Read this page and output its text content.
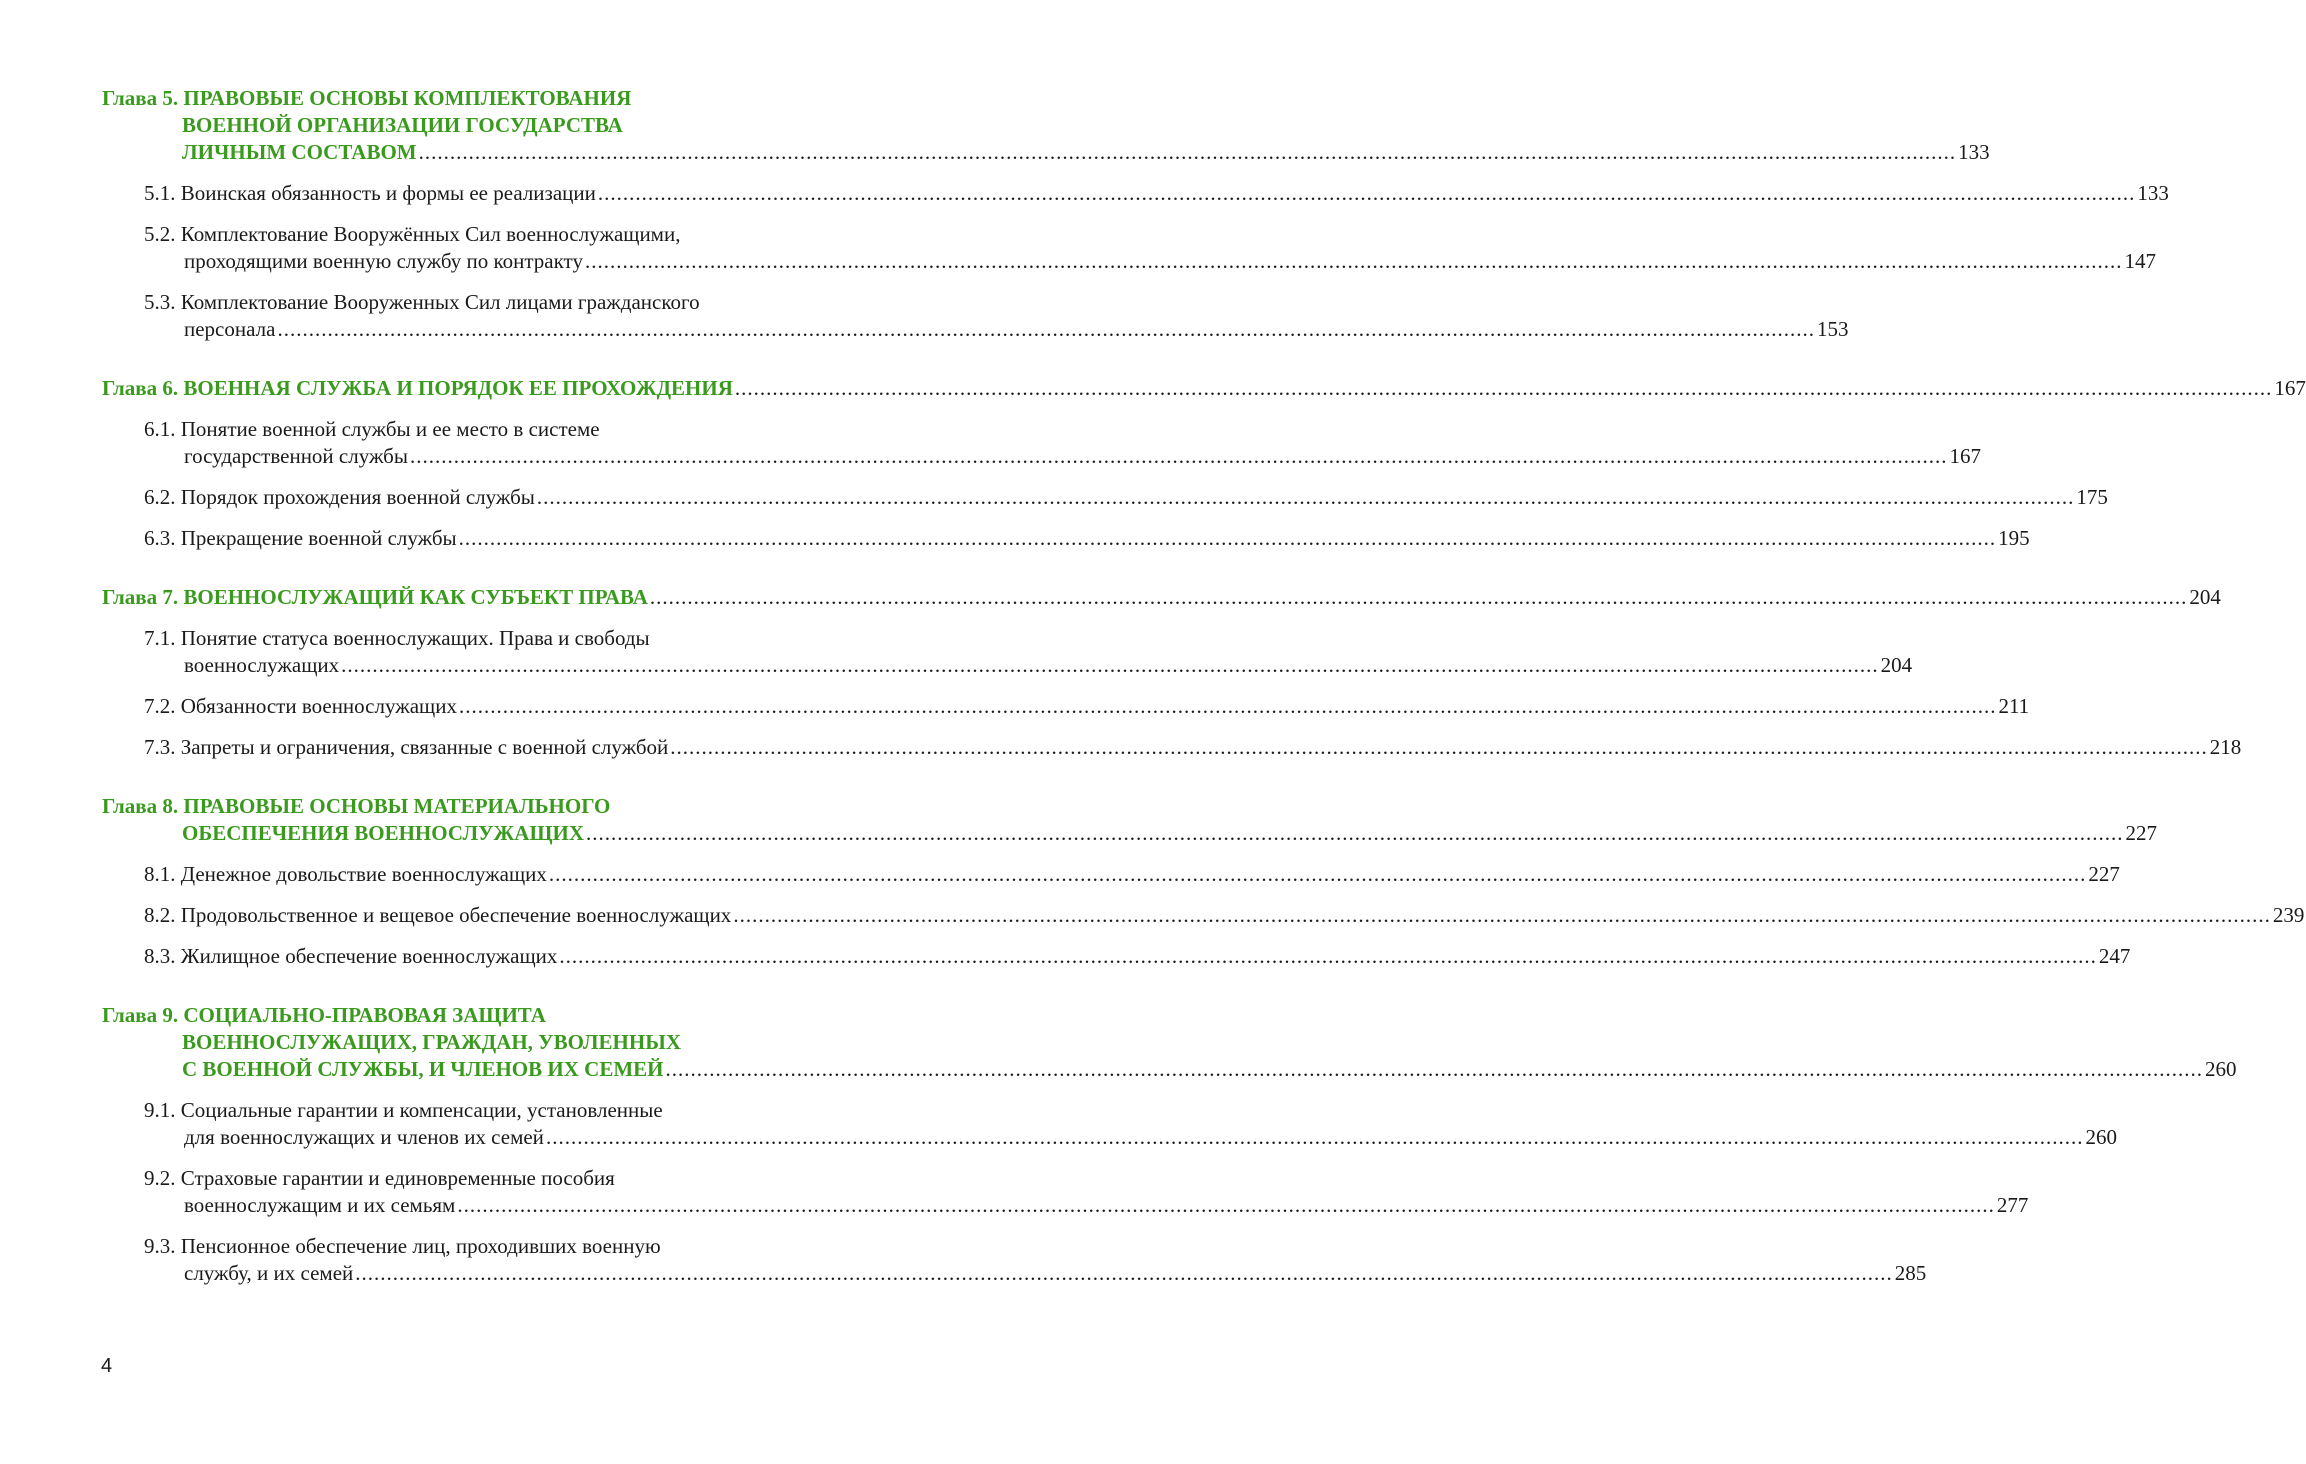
Глава 5. ПРАВОВЫЕ ОСНОВЫ КОМПЛЕКТОВАНИЯ
ВОЕННОЙ ОРГАНИЗАЦИИ ГОСУДАРСТВА
ЛИЧНЫМ СОСТАВОМ .....	133
5.1. Воинская обязанность и формы ее реализации .....	133
5.2. Комплектование Вооружённых Сил военнослужащими,
проходящими военную службу по контракту .....	147
5.3. Комплектование Вооруженных Сил лицами гражданского
персонала .....	153
Глава 6. ВОЕННАЯ СЛУЖБА И ПОРЯДОК ЕЕ ПРОХОЖДЕНИЯ .....	167
6.1. Понятие военной службы и ее место в системе
государственной службы .....	167
6.2. Порядок прохождения военной службы .....	175
6.3. Прекращение военной службы .....	195
Глава 7. ВОЕННОСЛУЖАЩИЙ КАК СУБЪЕКТ ПРАВА .....	204
7.1. Понятие статуса военнослужащих. Права и свободы
военнослужащих .....	204
7.2. Обязанности военнослужащих .....	211
7.3. Запреты и ограничения, связанные с военной службой .....	218
Глава 8. ПРАВОВЫЕ ОСНОВЫ МАТЕРИАЛЬНОГО
ОБЕСПЕЧЕНИЯ ВОЕННОСЛУЖАЩИХ .....	227
8.1. Денежное довольствие военнослужащих .....	227
8.2. Продовольственное и вещевое обеспечение военнослужащих .....	239
8.3. Жилищное обеспечение военнослужащих .....	247
Глава 9. СОЦИАЛЬНО-ПРАВОВАЯ ЗАЩИТА
ВОЕННОСЛУЖАЩИХ, ГРАЖДАН, УВОЛЕННЫХ
С ВОЕННОЙ СЛУЖБЫ, И ЧЛЕНОВ ИХ СЕМЕЙ .....	260
9.1. Социальные гарантии и компенсации, установленные
для военнослужащих и членов их семей .....	260
9.2. Страховые гарантии и единовременные пособия
военнослужащим и их семьям .....	277
9.3. Пенсионное обеспечение лиц, проходивших военную
службу, и их семей .....	285
4
